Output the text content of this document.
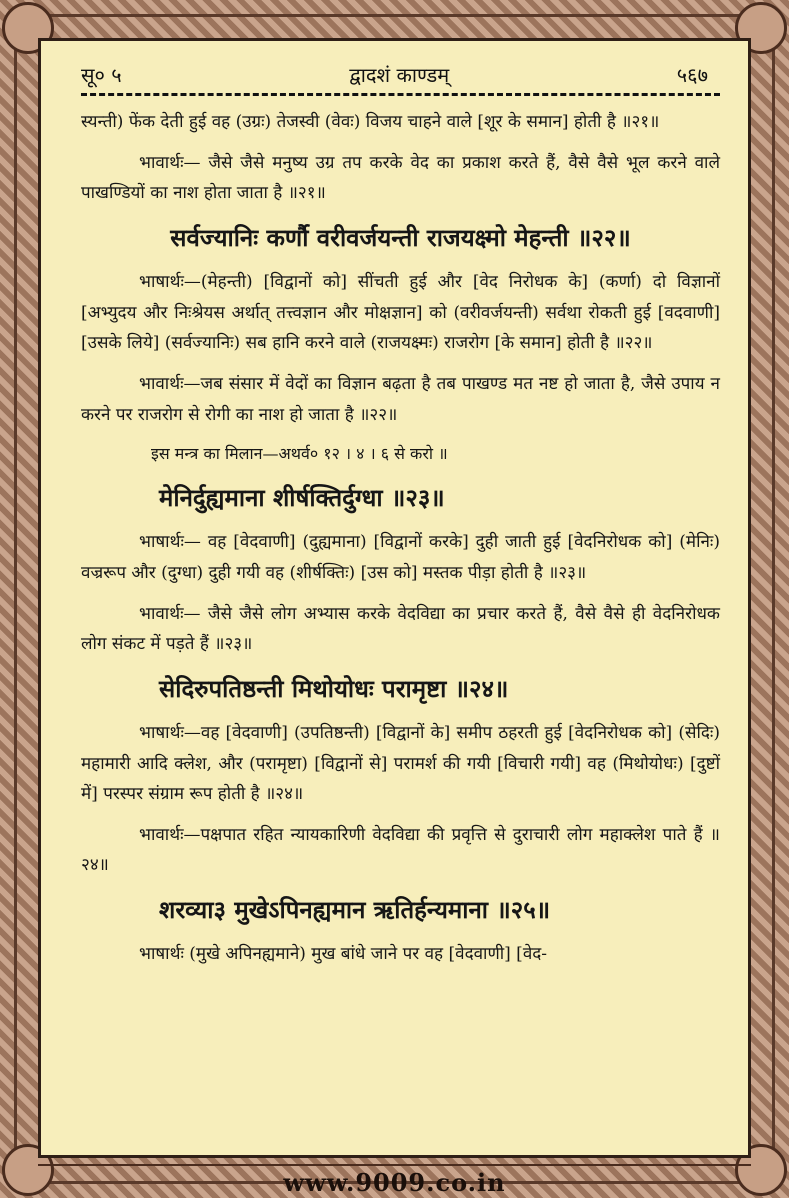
सू० ५	द्वादशं काण्डम्	५६७

स्यन्ती) फेंक देती हुई वह (उग्रः) तेजस्वी (वेवः) विजय चाहने वाले [शूर के समान] होती है ॥२१॥

भावार्थः— जैसे जैसे मनुष्य उग्र तप करके वेद का प्रकाश करते हैं, वैसे वैसे भूल करने वाले पाखण्डियों का नाश होता जाता है ॥२१॥

सर्वज्यानिः कर्णौ वरीवर्जयन्ती राजयक्ष्मो मेहन्ती ॥२२॥

भाषार्थः—(मेहन्ती) [विद्वानों को] सींचती हुई और [वेद निरोधक के] (कर्णा) दो विज्ञानों [अभ्युदय और निःश्रेयस अर्थात् तत्त्वज्ञान और मोक्षज्ञान] को (वरीवर्जयन्ती) सर्वथा रोकती हुई [वदवाणी] [उसके लिये] (सर्वज्यानिः) सब हानि करने वाले (राजयक्ष्मः) राजरोग [के समान] होती है ॥२२॥

भावार्थः—जब संसार में वेदों का विज्ञान बढ़ता है तब पाखण्ड मत नष्ट हो जाता है, जैसे उपाय न करने पर राजरोग से रोगी का नाश हो जाता है ॥२२॥

इस मन्त्र का मिलान—अथर्व० १२ । ४ । ६ से करो ॥

मेनिर्दुह्यमाना शीर्षक्तिर्दुग्धा ॥२३॥

भाषार्थः— वह [वेदवाणी] (दुह्यमाना) [विद्वानों करके] दुही जाती हुई [वेदनिरोधक को] (मेनिः) वज्ररूप और (दुग्धा) दुही गयी वह (शीर्षक्तिः) [उस को] मस्तक पीड़ा होती है ॥२३॥

भावार्थः— जैसे जैसे लोग अभ्यास करके वेदविद्या का प्रचार करते हैं, वैसे वैसे ही वेदनिरोधक लोग संकट में पड़ते हैं ॥२३॥

सेदिरुपतिष्ठन्ती मिथोयोधः परामृष्टा ॥२४॥

भाषार्थः—वह [वेदवाणी] (उपतिष्ठन्ती) [विद्वानों के] समीप ठहरती हुई [वेदनिरोधक को] (सेदिः) महामारी आदि क्लेश, और (परामृष्टा) [विद्वानों से] परामर्श की गयी [विचारी गयी] वह (मिथोयोधः) [दुष्टों में] परस्पर संग्राम रूप होती है ॥२४॥

भावार्थः—पक्षपात रहित न्यायकारिणी वेदविद्या की प्रवृत्ति से दुराचारी लोग महाक्लेश पाते हैं ॥२४॥

शरव्या३ मुखेऽपिनह्यमान ऋतिर्हन्यमाना ॥२५॥

भाषार्थः (मुखे अपिनह्यमाने) मुख बांधे जाने पर वह [वेदवाणी] [वेद-

www.9009.co.in
